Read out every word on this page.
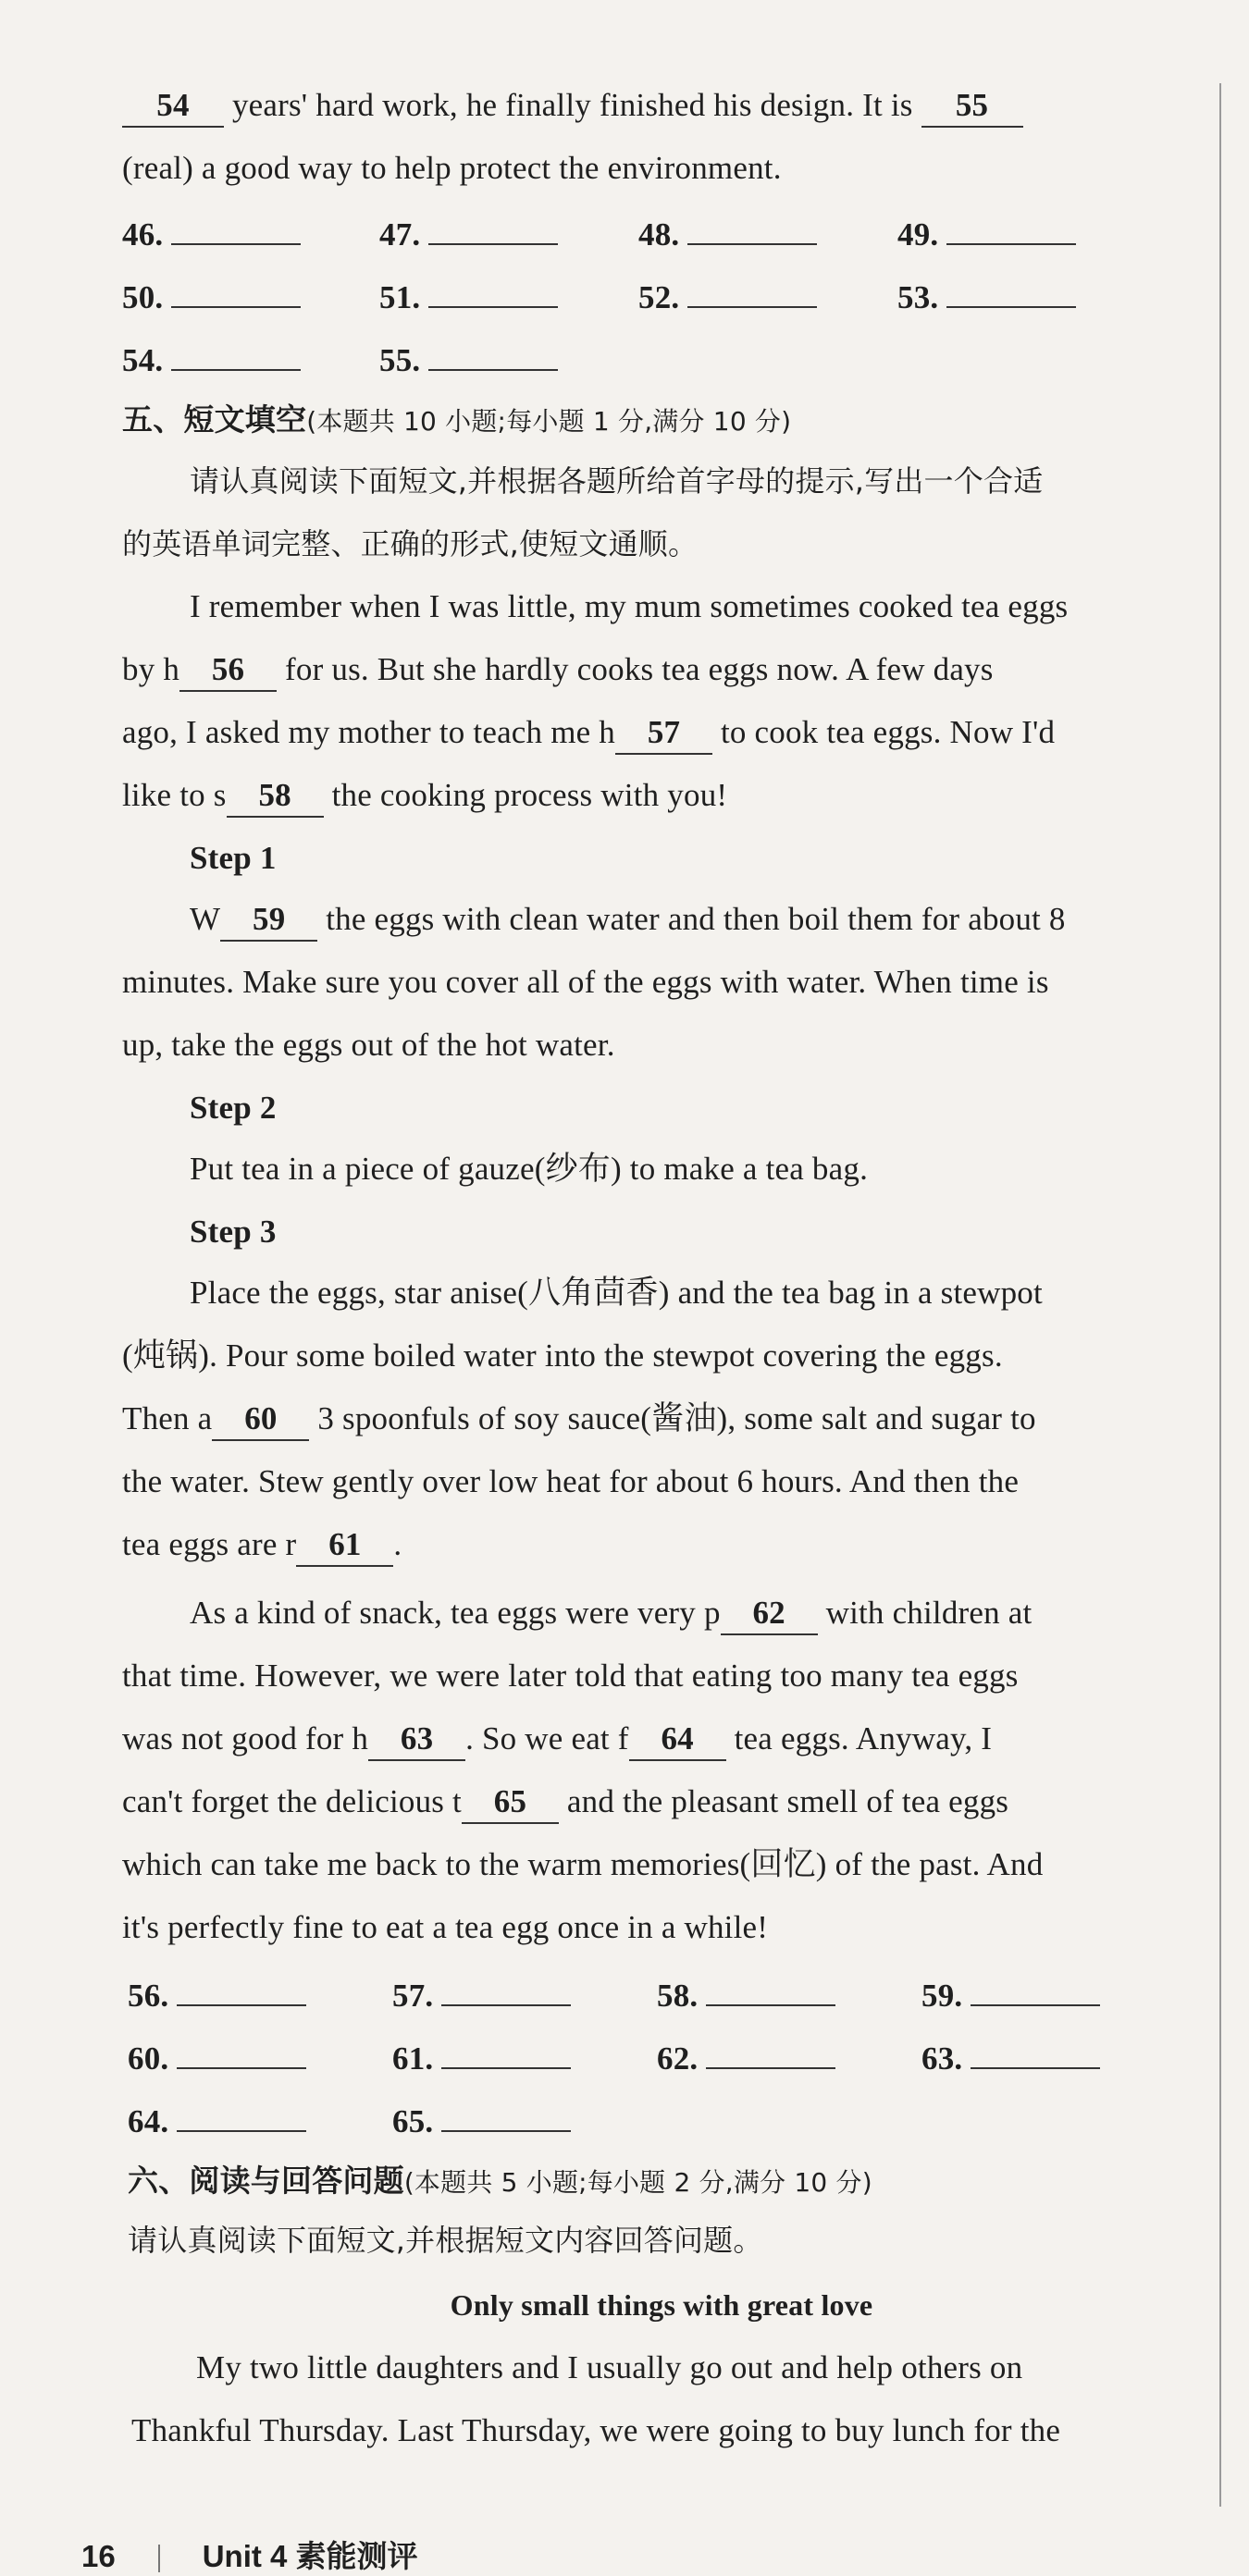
54 years' hard work, he finally finished his design. It is 55
(real) a good way to help protect the environment.
46.	47.	48.	49.
50.	51.	52.	53.
54.	55.
五、短文填空(本题共 10 小题;每小题 1 分,满分 10 分)
请认真阅读下面短文,并根据各题所给首字母的提示,写出一个合适
的英语单词完整、正确的形式,使短文通顺。
I remember when I was little, my mum sometimes cooked tea eggs
by h 56 for us. But she hardly cooks tea eggs now. A few days
ago, I asked my mother to teach me h 57 to cook tea eggs. Now I'd
like to s 58 the cooking process with you!
Step 1
W 59 the eggs with clean water and then boil them for about 8
minutes. Make sure you cover all of the eggs with water. When time is
up, take the eggs out of the hot water.
Step 2
Put tea in a piece of gauze(纱布) to make a tea bag.
Step 3
Place the eggs, star anise(八角茴香) and the tea bag in a stewpot
(炖锅). Pour some boiled water into the stewpot covering the eggs.
Then a 60 3 spoonfuls of soy sauce(酱油), some salt and sugar to
the water. Stew gently over low heat for about 6 hours. And then the
tea eggs are r 61 .
As a kind of snack, tea eggs were very p 62 with children at
that time. However, we were later told that eating too many tea eggs
was not good for h 63 . So we eat f 64 tea eggs. Anyway, I
can't forget the delicious t 65 and the pleasant smell of tea eggs
which can take me back to the warm memories(回忆) of the past. And
it's perfectly fine to eat a tea egg once in a while!
56.	57.	58.	59.
60.	61.	62.	63.
64.	65.
六、阅读与回答问题(本题共 5 小题;每小题 2 分,满分 10 分)
请认真阅读下面短文,并根据短文内容回答问题。
Only small things with great love
My two little daughters and I usually go out and help others on
Thankful Thursday. Last Thursday, we were going to buy lunch for the
16	Unit 4 素能测评
